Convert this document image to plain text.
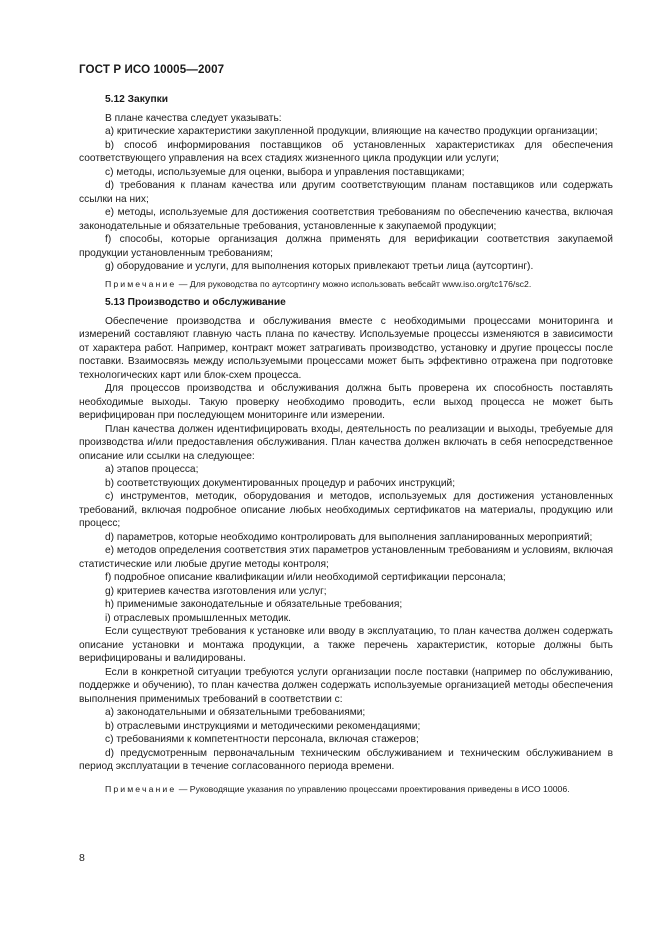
ГОСТ Р ИСО 10005—2007

5.12 Закупки

В плане качества следует указывать:

a) критические характеристики закупленной продукции, влияющие на качество продукции организации;

b) способ информирования поставщиков об установленных характеристиках для обеспечения соответствующего управления на всех стадиях жизненного цикла продукции или услуги;

c) методы, используемые для оценки, выбора и управления поставщиками;

d) требования к планам качества или другим соответствующим планам поставщиков или содержать ссылки на них;

e) методы, используемые для достижения соответствия требованиям по обеспечению качества, включая законодательные и обязательные требования, установленные к закупаемой продукции;

f) способы, которые организация должна применять для верификации соответствия закупаемой продукции установленным требованиям;

g) оборудование и услуги, для выполнения которых привлекают третьи лица (аутсортинг).

Примечание — Для руководства по аутсортингу можно использовать вебсайт www.iso.org/tc176/sc2.

5.13 Производство и обслуживание

Обеспечение производства и обслуживания вместе с необходимыми процессами мониторинга и измерений составляют главную часть плана по качеству. Используемые процессы изменяются в зависимости от характера работ. Например, контракт может затрагивать производство, установку и другие процессы после поставки. Взаимосвязь между используемыми процессами может быть эффективно отражена при подготовке технологических карт или блок-схем процесса.

Для процессов производства и обслуживания должна быть проверена их способность поставлять необходимые выходы. Такую проверку необходимо проводить, если выход процесса не может быть верифицирован при последующем мониторинге или измерении.

План качества должен идентифицировать входы, деятельность по реализации и выходы, требуемые для производства и/или предоставления обслуживания. План качества должен включать в себя непосредственное описание или ссылки на следующее:

a) этапов процесса;

b) соответствующих документированных процедур и рабочих инструкций;

c) инструментов, методик, оборудования и методов, используемых для достижения установленных требований, включая подробное описание любых необходимых сертификатов на материалы, продукцию или процесс;

d) параметров, которые необходимо контролировать для выполнения запланированных мероприятий;

e) методов определения соответствия этих параметров установленным требованиям и условиям, включая статистические или любые другие методы контроля;

f) подробное описание квалификации и/или необходимой сертификации персонала;

g) критериев качества изготовления или услуг;

h) применимые законодательные и обязательные требования;

i) отраслевых промышленных методик.

Если существуют требования к установке или вводу в эксплуатацию, то план качества должен содержать описание установки и монтажа продукции, а также перечень характеристик, которые должны быть верифицированы и валидированы.

Если в конкретной ситуации требуются услуги организации после поставки (например по обслуживанию, поддержке и обучению), то план качества должен содержать используемые организацией методы обеспечения выполнения применимых требований в соответствии с:

a) законодательными и обязательными требованиями;

b) отраслевыми инструкциями и методическими рекомендациями;

c) требованиями к компетентности персонала, включая стажеров;

d) предусмотренным первоначальным техническим обслуживанием и техническим обслуживанием в период эксплуатации в течение согласованного периода времени.

Примечание — Руководящие указания по управлению процессами проектирования приведены в ИСО 10006.

8
